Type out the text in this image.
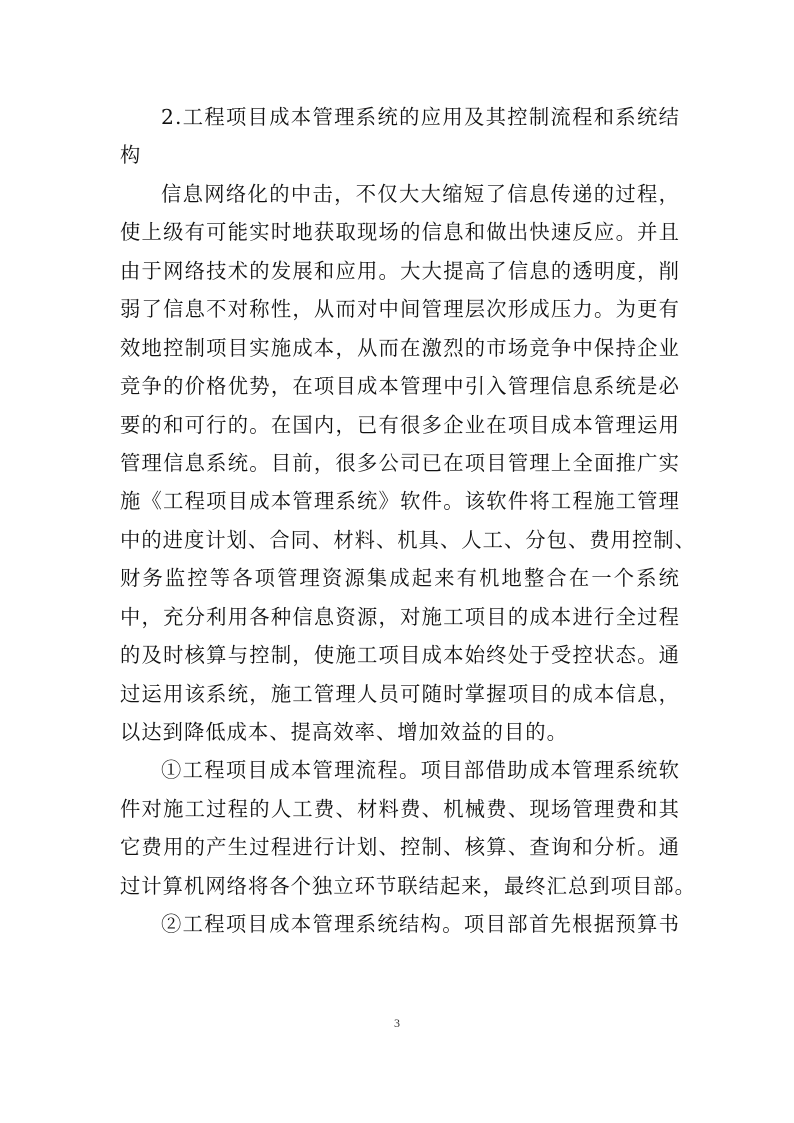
2.工程项目成本管理系统的应用及其控制流程和系统结
构
信息网络化的中击，不仅大大缩短了信息传递的过程，
使上级有可能实时地获取现场的信息和做出快速反应。并且
由于网络技术的发展和应用。大大提高了信息的透明度，削
弱了信息不对称性，从而对中间管理层次形成压力。为更有
效地控制项目实施成本，从而在激烈的市场竞争中保持企业
竞争的价格优势，在项目成本管理中引入管理信息系统是必
要的和可行的。在国内，已有很多企业在项目成本管理运用
管理信息系统。目前，很多公司已在项目管理上全面推广实
施《工程项目成本管理系统》软件。该软件将工程施工管理
中的进度计划、合同、材料、机具、人工、分包、费用控制、
财务监控等各项管理资源集成起来有机地整合在一个系统
中，充分利用各种信息资源，对施工项目的成本进行全过程
的及时核算与控制，使施工项目成本始终处于受控状态。通
过运用该系统，施工管理人员可随时掌握项目的成本信息，
以达到降低成本、提高效率、增加效益的目的。
①工程项目成本管理流程。项目部借助成本管理系统软
件对施工过程的人工费、材料费、机械费、现场管理费和其
它费用的产生过程进行计划、控制、核算、查询和分析。通
过计算机网络将各个独立环节联结起来，最终汇总到项目部。
②工程项目成本管理系统结构。项目部首先根据预算书
3
